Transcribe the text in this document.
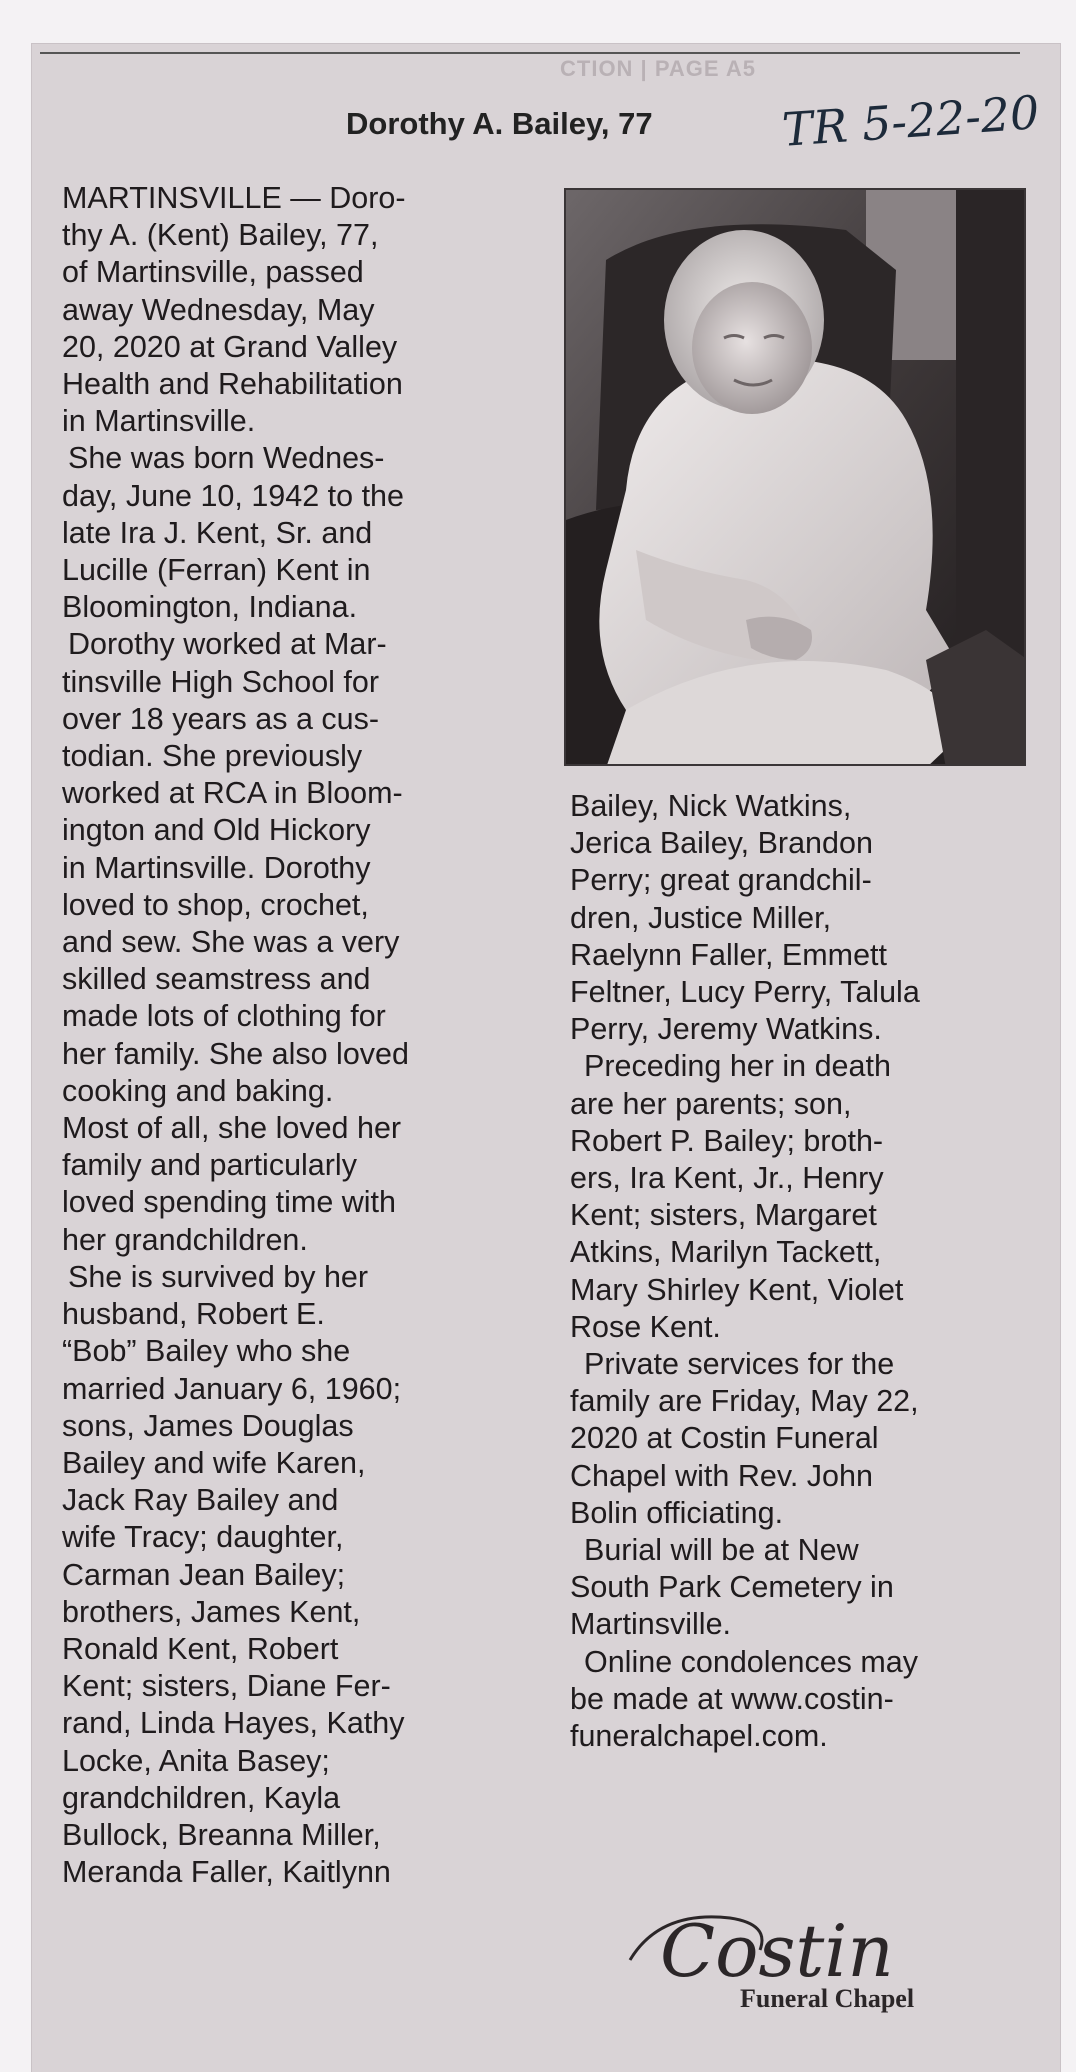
CTION | PAGE A5
Dorothy A. Bailey, 77	TR 5-22-20

MARTINSVILLE — Doro-
thy A. (Kent) Bailey, 77,
of Martinsville, passed
away Wednesday, May
20, 2020 at Grand Valley
Health and Rehabilitation
in Martinsville.

She was born Wednes-
day, June 10, 1942 to the
late Ira J. Kent, Sr. and
Lucille (Ferran) Kent in
Bloomington, Indiana.

Dorothy worked at Mar-
tinsville High School for
over 18 years as a cus-
todian. She previously
worked at RCA in Bloom-
ington and Old Hickory
in Martinsville. Dorothy
loved to shop, crochet,
and sew. She was a very
skilled seamstress and
made lots of clothing for
her family. She also loved
cooking and baking.
Most of all, she loved her
family and particularly
loved spending time with
her grandchildren.

She is survived by her
husband, Robert E.
“Bob” Bailey who she
married January 6, 1960;
sons, James Douglas
Bailey and wife Karen,
Jack Ray Bailey and
wife Tracy; daughter,
Carman Jean Bailey;
brothers, James Kent,
Ronald Kent, Robert
Kent; sisters, Diane Fer-
rand, Linda Hayes, Kathy
Locke, Anita Basey;
grandchildren, Kayla
Bullock, Breanna Miller,
Meranda Faller, Kaitlynn

Bailey, Nick Watkins,
Jerica Bailey, Brandon
Perry; great grandchil-
dren, Justice Miller,
Raelynn Faller, Emmett
Feltner, Lucy Perry, Talula
Perry, Jeremy Watkins.

Preceding her in death
are her parents; son,
Robert P. Bailey; broth-
ers, Ira Kent, Jr., Henry
Kent; sisters, Margaret
Atkins, Marilyn Tackett,
Mary Shirley Kent, Violet
Rose Kent.

Private services for the
family are Friday, May 22,
2020 at Costin Funeral
Chapel with Rev. John
Bolin officiating.

Burial will be at New
South Park Cemetery in
Martinsville.

Online condolences may
be made at www.costin-
funeralchapel.com.

Costin
Funeral Chapel
